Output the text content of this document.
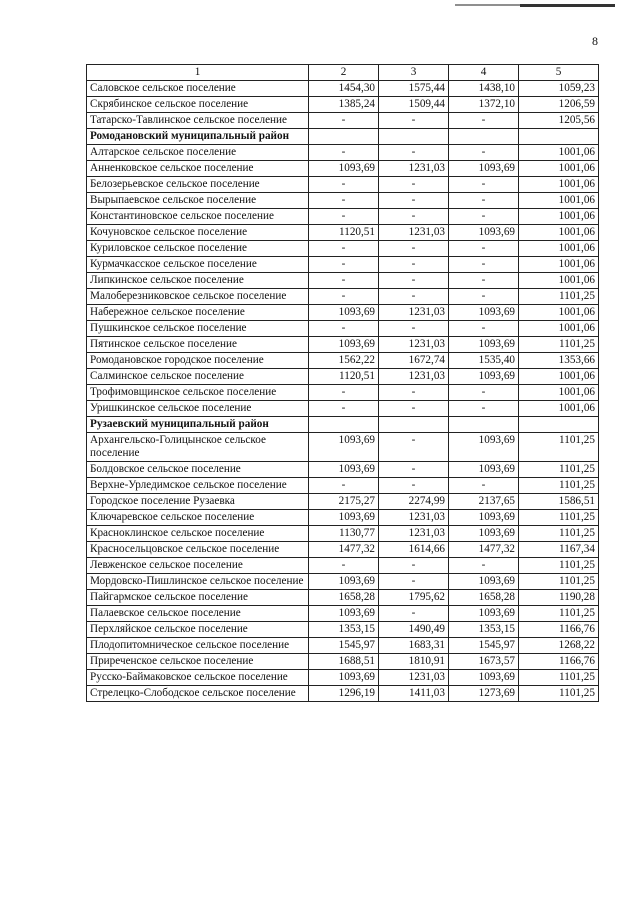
8
1	2	3	4	5
Саловское сельское поселение	1454,30	1575,44	1438,10	1059,23
Скрябинское сельское поселение	1385,24	1509,44	1372,10	1206,59
Татарско-Тавлинское сельское поселение	-	-	-	1205,56
Ромодановский муниципальный район				
Алтарское сельское поселение	-	-	-	1001,06
Анненковское сельское поселение	1093,69	1231,03	1093,69	1001,06
Белозерьевское сельское поселение	-	-	-	1001,06
Вырыпаевское сельское поселение	-	-	-	1001,06
Константиновское сельское поселение	-	-	-	1001,06
Кочуновское сельское поселение	1120,51	1231,03	1093,69	1001,06
Куриловское сельское поселение	-	-	-	1001,06
Курмачкасское сельское поселение	-	-	-	1001,06
Липкинское сельское поселение	-	-	-	1001,06
Малоберезниковское сельское поселение	-	-	-	1101,25
Набережное сельское поселение	1093,69	1231,03	1093,69	1001,06
Пушкинское сельское поселение	-	-	-	1001,06
Пятинское сельское поселение	1093,69	1231,03	1093,69	1101,25
Ромодановское городское поселение	1562,22	1672,74	1535,40	1353,66
Салминское сельское поселение	1120,51	1231,03	1093,69	1001,06
Трофимовщинское сельское поселение	-	-	-	1001,06
Уришкинское сельское поселение	-	-	-	1001,06
Рузаевский муниципальный район				
Архангельско-Голицынское сельское поселение	1093,69	-	1093,69	1101,25
Болдовское сельское поселение	1093,69	-	1093,69	1101,25
Верхне-Урледимское сельское поселение	-	-	-	1101,25
Городское поселение Рузаевка	2175,27	2274,99	2137,65	1586,51
Ключаревское сельское поселение	1093,69	1231,03	1093,69	1101,25
Красноклинское сельское поселение	1130,77	1231,03	1093,69	1101,25
Красносельцовское сельское поселение	1477,32	1614,66	1477,32	1167,34
Левженское сельское поселение	-	-	-	1101,25
Мордовско-Пишлинское сельское поселение	1093,69	-	1093,69	1101,25
Пайгармское сельское поселение	1658,28	1795,62	1658,28	1190,28
Палаевское сельское поселение	1093,69	-	1093,69	1101,25
Перхляйское сельское поселение	1353,15	1490,49	1353,15	1166,76
Плодопитомническое сельское поселение	1545,97	1683,31	1545,97	1268,22
Приреченское сельское поселение	1688,51	1810,91	1673,57	1166,76
Русско-Баймаковское сельское поселение	1093,69	1231,03	1093,69	1101,25
Стрелецко-Слободское сельское поселение	1296,19	1411,03	1273,69	1101,25
